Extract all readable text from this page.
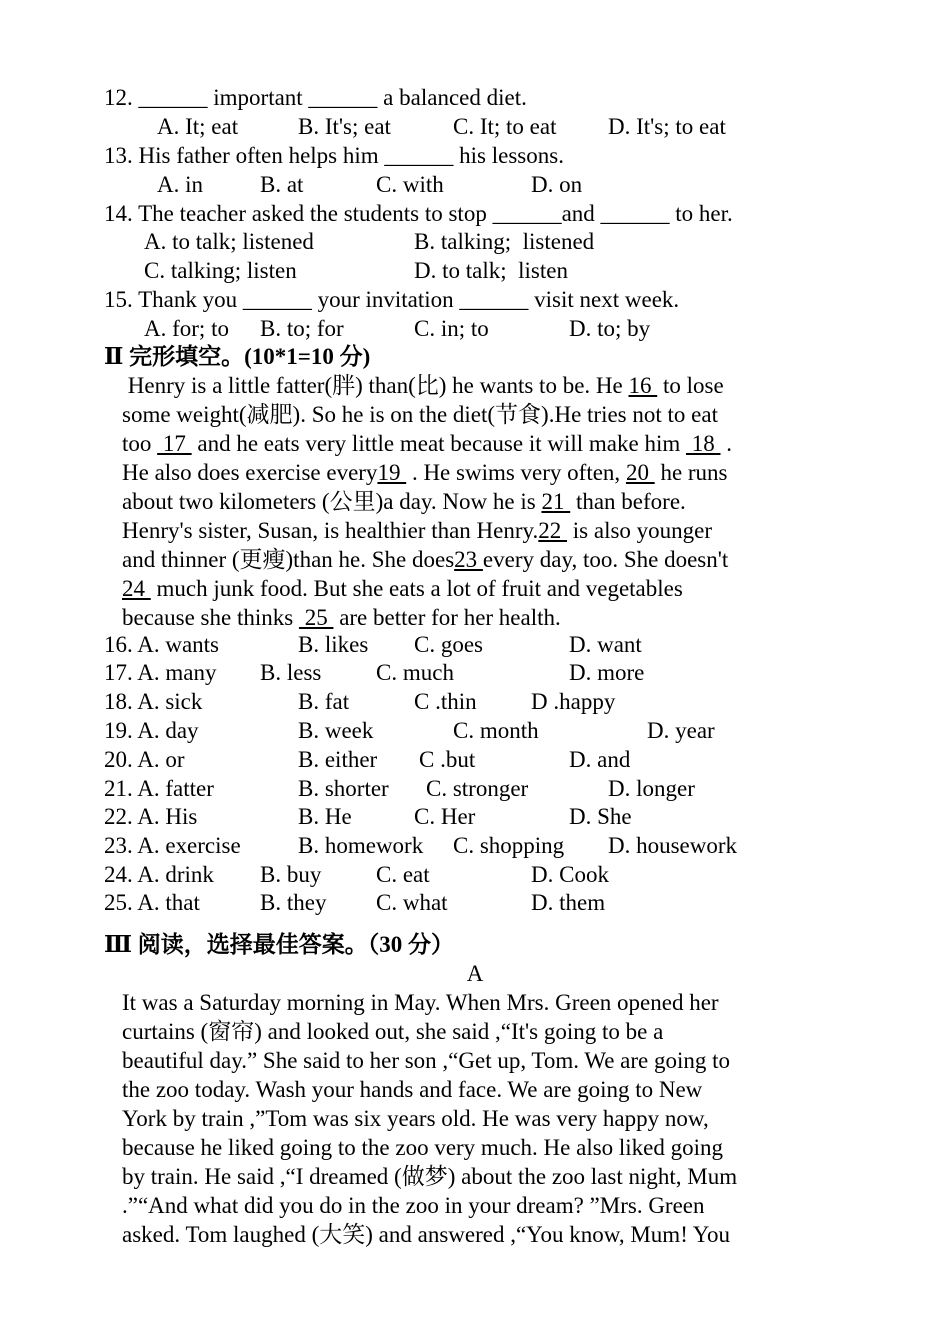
12. ______ important ______ a balanced diet.
A. It; eat	B. It's; eat	C. It; to eat D. It's; to eat
13. His father often helps him ______ his lessons.
A. in B. at	C. with	D. on
14. The teacher asked the students to stop ______and ______ to her.
A. to talk; listened	B. talking;  listened
C. talking; listen	D. to talk;  listen
15. Thank you ______ your invitation ______ visit next week.
A. for; to B. to; for	C. in; to	D. to; by
Ⅱ 完形填空。(10*1=10 分)
Henry is a little fatter(胖) than(比) he wants to be. He 16  to lose
some weight(减肥). So he is on the diet(节食).He tries not to eat
too  17  and he eats very little meat because it will make him  18  .
He also does exercise every19  . He swims very often, 20  he runs
about two kilometers (公里)a day. Now he is 21  than before.
Henry's sister, Susan, is healthier than Henry.22  is also younger
and thinner (更瘦)than he. She does23 every day, too. She doesn't
24  much junk food. But she eats a lot of fruit and vegetables
because she thinks  25  are better for her health.
16. A. wants	B. likes C. goes	D. want
17. A. many B. less C. much	D. more
18. A. sick	B. fat	C .thin D .happy
19. A. day	B. week	C. month	D. year
20. A. or	B. either C .but	D. and
21. A. fatter	B. shorter C. stronger	D. longer
22. A. His	B. He	C. Her	D. She
23. A. exercise B. homework C. shopping D. housework
24. A. drink B. buy C. eat	D. Cook
25. A. that	B. they C. what	D. them
Ⅲ 阅读，选择最佳答案。（30 分）
A
It was a Saturday morning in May. When Mrs. Green opened her
curtains (窗帘) and looked out, she said ,“It's going to be a
beautiful day.” She said to her son ,“Get up, Tom. We are going to
the zoo today. Wash your hands and face. We are going to New
York by train ,”Tom was six years old. He was very happy now,
because he liked going to the zoo very much. He also liked going
by train. He said ,“I dreamed (做梦) about the zoo last night, Mum
.”“And what did you do in the zoo in your dream? ”Mrs. Green
asked. Tom laughed (大笑) and answered ,“You know, Mum! You
